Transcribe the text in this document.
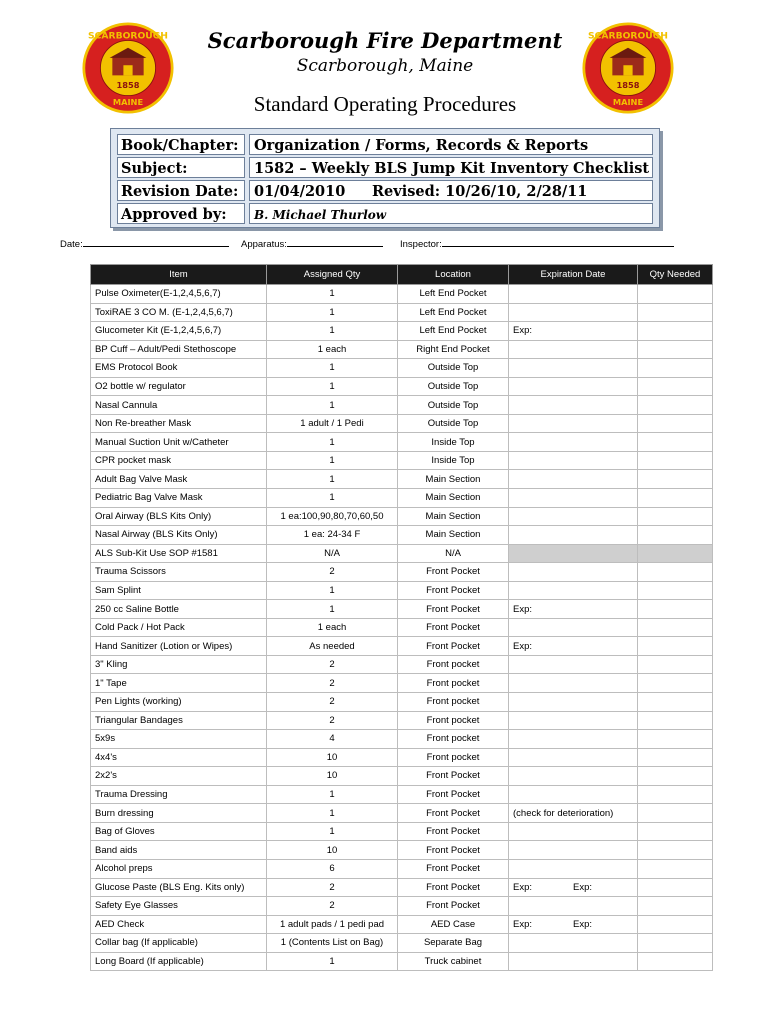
SCARBOROUGH
1858
MAINE
Scarborough Fire Department
Scarborough, Maine
Standard Operating Procedures
SCARBOROUGH
1858
MAINE
Book/Chapter:	Organization / Forms, Records & Reports
Subject:	1582 – Weekly BLS Jump Kit Inventory Checklist
Revision Date:	01/04/2010 Revised: 10/26/10, 2/28/11
Approved by:	B. Michael Thurlow
Date:	Apparatus:	Inspector:
Item	Assigned Qty	Location	Expiration Date	Qty Needed
Pulse Oximeter(E-1,2,4,5,6,7)	1	Left End Pocket		
ToxiRAE 3 CO M. (E-1,2,4,5,6,7)	1	Left End Pocket		
Glucometer Kit (E-1,2,4,5,6,7)	1	Left End Pocket	Exp:	
BP Cuff – Adult/Pedi Stethoscope	1 each	Right End Pocket		
EMS Protocol Book	1	Outside Top		
O2 bottle w/ regulator	1	Outside Top		
Nasal Cannula	1	Outside Top		
Non Re-breather Mask	1 adult / 1 Pedi	Outside Top		
Manual Suction Unit w/Catheter	1	Inside Top		
CPR pocket mask	1	Inside Top		
Adult Bag Valve Mask	1	Main Section		
Pediatric Bag Valve Mask	1	Main Section		
Oral Airway (BLS Kits Only)	1 ea:100,90,80,70,60,50	Main Section		
Nasal Airway (BLS Kits Only)	1 ea: 24-34 F	Main Section		
ALS Sub-Kit Use SOP #1581	N/A	N/A		
Trauma Scissors	2	Front Pocket		
Sam Splint	1	Front Pocket		
250 cc Saline Bottle	1	Front Pocket	Exp:	
Cold Pack / Hot Pack	1 each	Front Pocket		
Hand Sanitizer (Lotion or Wipes)	As needed	Front Pocket	Exp:	
3" Kling	2	Front pocket		
1" Tape	2	Front pocket		
Pen Lights (working)	2	Front pocket		
Triangular Bandages	2	Front pocket		
5x9s	4	Front pocket		
4x4's	10	Front pocket		
2x2's	10	Front Pocket		
Trauma Dressing	1	Front Pocket		
Burn dressing	1	Front Pocket	(check for deterioration)	
Bag of Gloves	1	Front Pocket		
Band aids	10	Front Pocket		
Alcohol preps	6	Front Pocket		
Glucose Paste (BLS Eng. Kits only)	2	Front Pocket	Exp: Exp:	
Safety Eye Glasses	2	Front Pocket		
AED Check	1 adult pads / 1 pedi pad	AED Case	Exp: Exp:	
Collar bag (If applicable)	1 (Contents List on Bag)	Separate Bag		
Long Board (If applicable)	1	Truck cabinet		
